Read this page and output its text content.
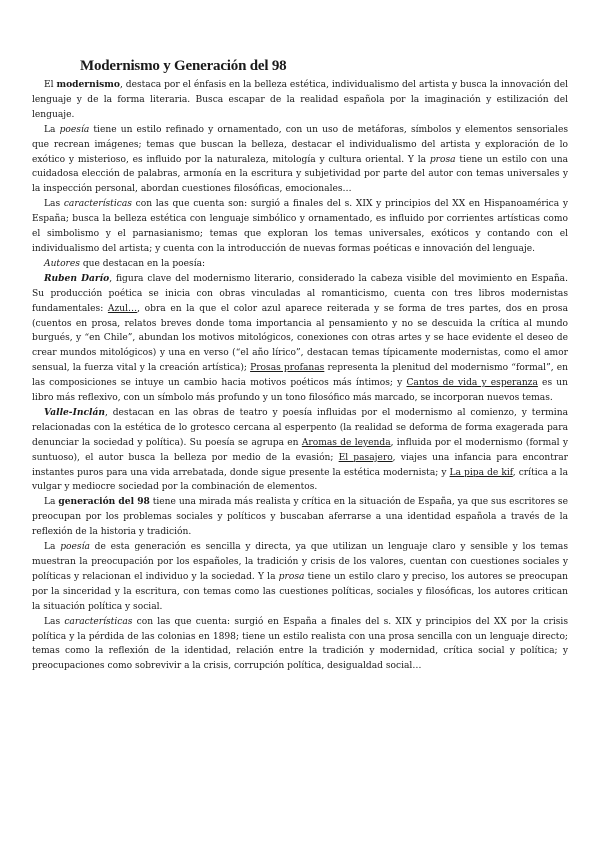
Modernismo y Generación del 98

El modernismo, destaca por el énfasis en la belleza estética, individualismo del artista y busca la innovación del lenguaje y de la forma literaria. Busca escapar de la realidad española por la imaginación y estilización del lenguaje.

La poesía tiene un estilo refinado y ornamentado, con un uso de metáforas, símbolos y elementos sensoriales que recrean imágenes; temas que buscan la belleza, destacar el individualismo del artista y exploración de lo exótico y misterioso, es influido por la naturaleza, mitología y cultura oriental. Y la prosa tiene un estilo con una cuidadosa elección de palabras, armonía en la escritura y subjetividad por parte del autor con temas universales y la inspección personal, abordan cuestiones filosóficas, emocionales…

Las características con las que cuenta son: surgió a finales del s. XIX y principios del XX en Hispanoamérica y España; busca la belleza estética con lenguaje simbólico y ornamentado, es influido por corrientes artísticas como el simbolismo y el parnasianismo; temas que exploran los temas universales, exóticos y contando con el individualismo del artista; y cuenta con la introducción de nuevas formas poéticas e innovación del lenguaje.

Autores que destacan en la poesía:

Ruben Darío, figura clave del modernismo literario, considerado la cabeza visible del movimiento en España. Su producción poética se inicia con obras vinculadas al romanticismo, cuenta con tres libros modernistas fundamentales: Azul…, obra en la que el color azul aparece reiterada y se forma de tres partes, dos en prosa (cuentos en prosa, relatos breves donde toma importancia al pensamiento y no se descuida la crítica al mundo burgués, y “en Chile”, abundan los motivos mitológicos, conexiones con otras artes y se hace evidente el deseo de crear mundos mitológicos) y una en verso (“el año lírico”, destacan temas típicamente modernistas, como el amor sensual, la fuerza vital y la creación artística); Prosas profanas representa la plenitud del modernismo “formal”, en las composiciones se intuye un cambio hacia motivos poéticos más íntimos; y Cantos de vida y esperanza es un libro más reflexivo, con un símbolo más profundo y un tono filosófico más marcado, se incorporan nuevos temas.

Valle-Inclán, destacan en las obras de teatro y poesía influidas por el modernismo al comienzo, y termina relacionadas con la estética de lo grotesco cercana al esperpento (la realidad se deforma de forma exagerada para denunciar la sociedad y política). Su poesía se agrupa en Aromas de leyenda, influida por el modernismo (formal y suntuoso), el autor busca la belleza por medio de la evasión; El pasajero, viajes una infancia para encontrar instantes puros para una vida arrebatada, donde sigue presente la estética modernista; y La pipa de kif, crítica a la vulgar y mediocre sociedad por la combinación de elementos.

La generación del 98 tiene una mirada más realista y crítica en la situación de España, ya que sus escritores se preocupan por los problemas sociales y políticos y buscaban aferrarse a una identidad española a través de la reflexión de la historia y tradición.

La poesía de esta generación es sencilla y directa, ya que utilizan un lenguaje claro y sensible y los temas muestran la preocupación por los españoles, la tradición y crisis de los valores, cuentan con cuestiones sociales y políticas y relacionan el individuo y la sociedad. Y la prosa tiene un estilo claro y preciso, los autores se preocupan por la sinceridad y la escritura, con temas como las cuestiones políticas, sociales y filosóficas, los autores critican la situación política y social.

Las características con las que cuenta: surgió en España a finales del s. XIX y principios del XX por la crisis política y la pérdida de las colonias en 1898; tiene un estilo realista con una prosa sencilla con un lenguaje directo; temas como la reflexión de la identidad, relación entre la tradición y modernidad, crítica social y política; y preocupaciones como sobrevivir a la crisis, corrupción política, desigualdad social…
